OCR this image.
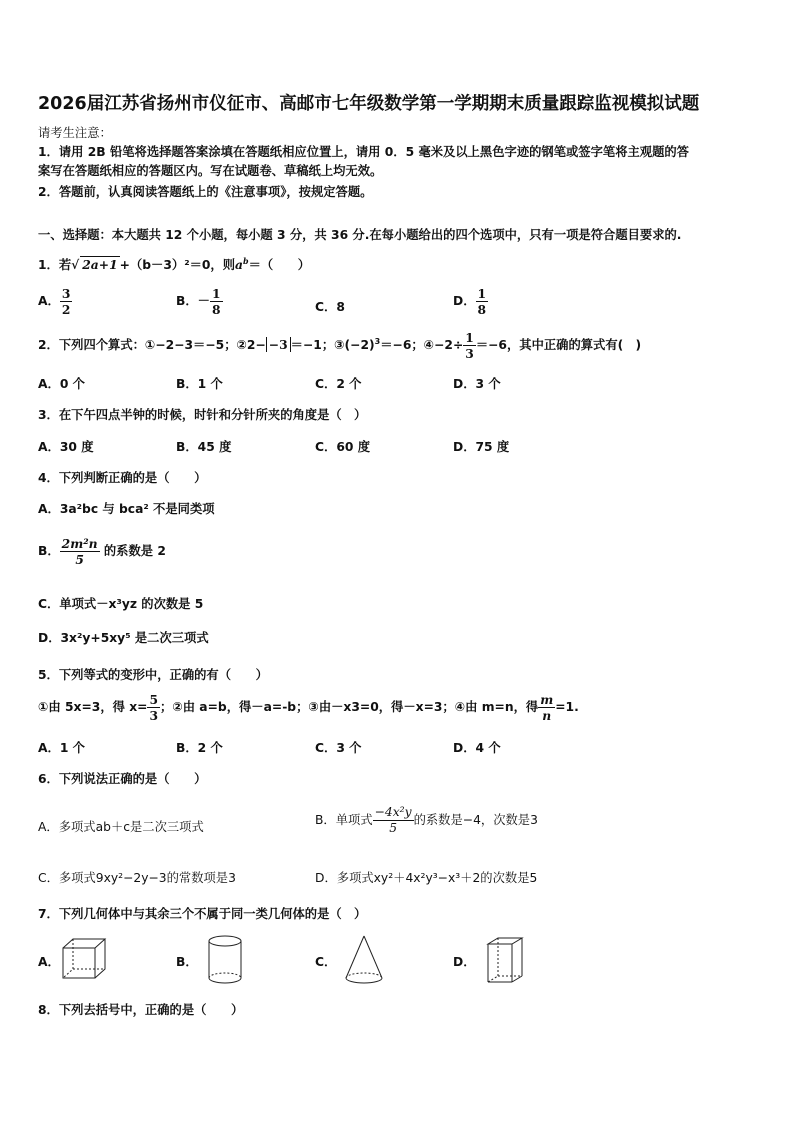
2026届江苏省扬州市仪征市、高邮市七年级数学第一学期期末质量跟踪监视模拟试题
请考生注意：
1．请用 2B 铅笔将选择题答案涂填在答题纸相应位置上，请用 0．5 毫米及以上黑色字迹的钢笔或签字笔将主观题的答
案写在答题纸相应的答题区内。写在试题卷、草稿纸上均无效。
2．答题前，认真阅读答题纸上的《注意事项》，按规定答题。
一、选择题：本大题共 12 个小题，每小题 3 分，共 36 分.在每小题给出的四个选项中，只有一项是符合题目要求的.
1．若√ 2a+1 +（b－3）²＝0，则$a^b=$（　　）
A． $\frac{3}{2}$	B．－ $\frac{1}{8}$	C．8	D． $\frac{1}{8}$
2．下列四个算式：①−2−3＝−5；②2− −3 ＝−1；$③(-2)^3=-6$；④−2÷ $\frac{1}{3} =-6$，其中正确的算式有(　)
A．0 个	B．1 个	C．2 个	D．3 个
3．在下午四点半钟的时候，时针和分针所夹的角度是（　）
A．30 度	B．45 度	C．60 度	D．75 度
4．下列判断正确的是（　　）
A．3a²bc 与 bca² 不是同类项
B． $\frac{\text{2m²n}}{5}$ 的系数是 2
C．单项式－x³yz 的次数是 5
D．3x²y+5xy⁵ 是二次三项式
5．下列等式的变形中，正确的有（　　）
①由 5x=3，得 $x= \frac{5}{3}$ ；②由 a=b，得－a=-b；③由－x3=0，得－x=3；④由 m=n，得 $\frac{m}{n} =1$.
A．1 个	B．2 个	C．3 个	D．4 个
6．下列说法正确的是（　　）
A．多项式ab＋c是二次三项式	B．单项式 $\frac{\text{−4x²y}}{5}$ 的系数是−4，次数是3
C．多项式9xy²−2y−3的常数项是3	D．多项式xy²＋4x²y³−x³＋2的次数是5
7．下列几何体中与其余三个不属于同一类几何体的是（　）
A．	B．	C．	D．
8．下列去括号中，正确的是（　　）
